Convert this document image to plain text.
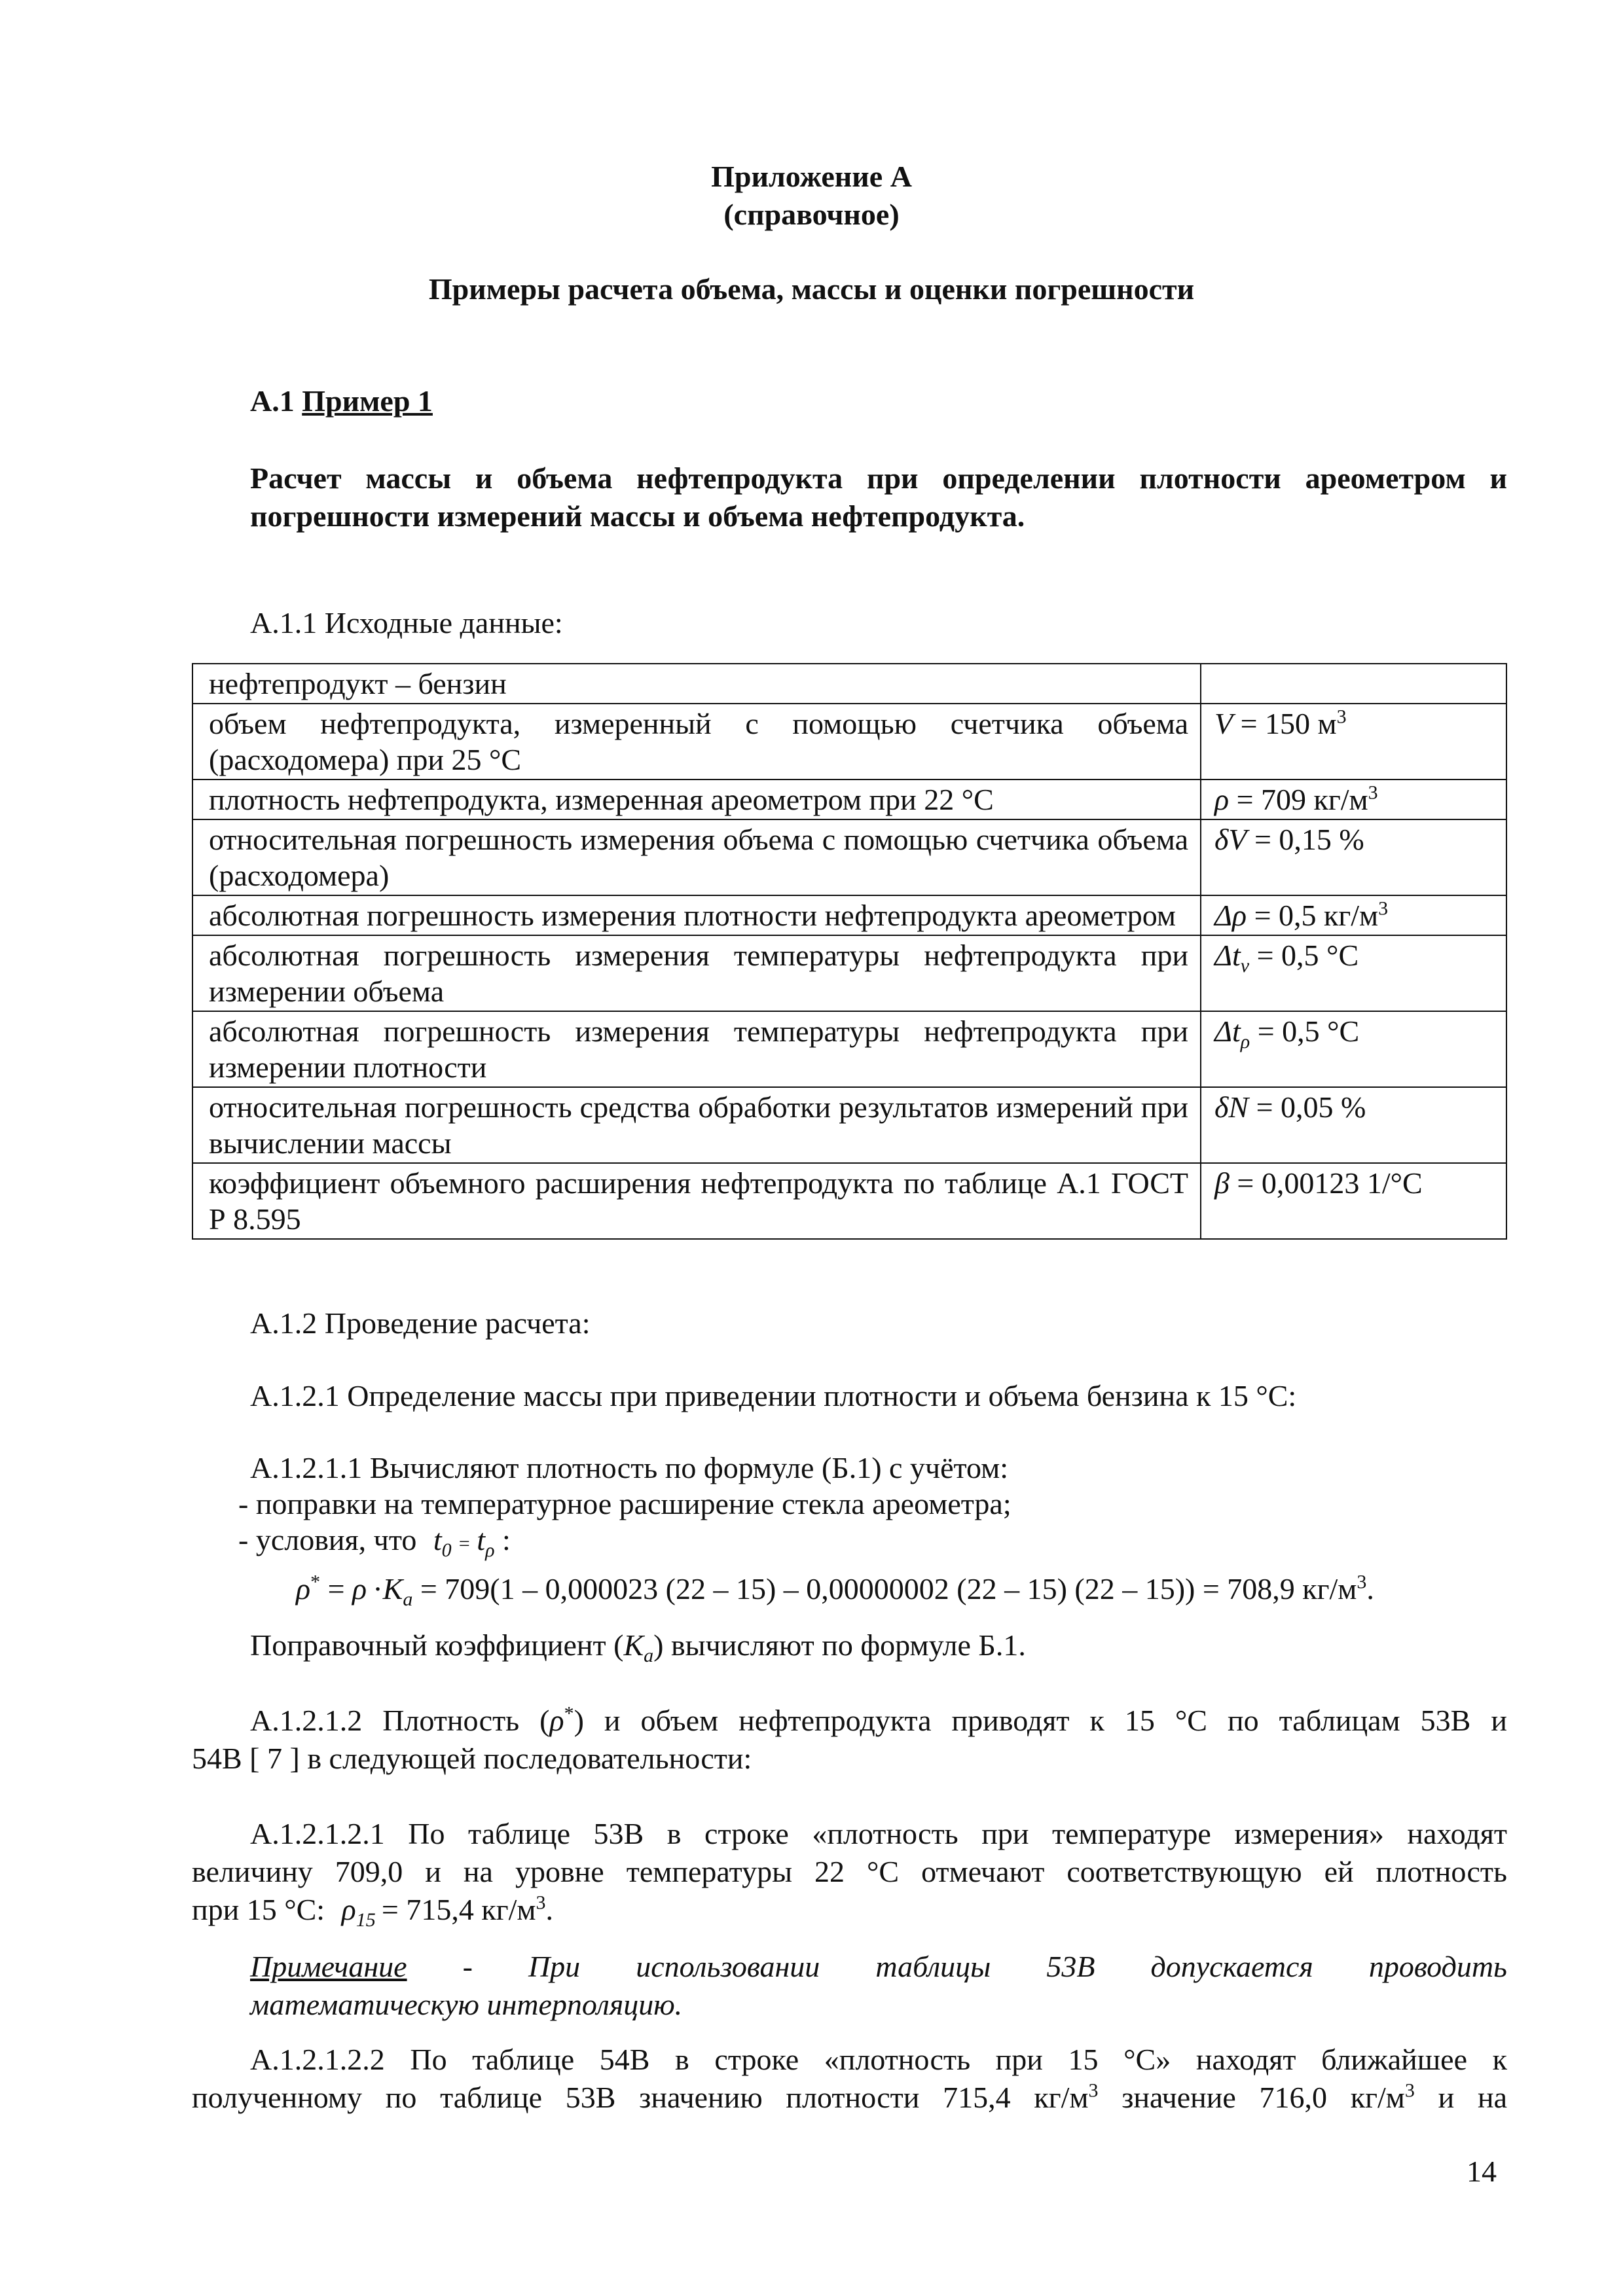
Приложение А
(справочное)
Примеры расчета объема, массы и оценки погрешности
А.1 Пример 1
Расчет массы и объема нефтепродукта при определении плотности ареометром и
погрешности измерений массы и объема нефтепродукта.
А.1.1 Исходные данные:
нефтепродукт – бензин	
объем нефтепродукта, измеренный с помощью счетчика объема (расходомера) при 25 °С	V = 150 $м^3$
плотность нефтепродукта, измеренная ареометром при 22 °С	ρ = 709 $кг/м^3$
относительная погрешность измерения объема с помощью счетчика объема (расходомера)	δV = 0,15 %
абсолютная погрешность измерения плотности нефтепродукта ареометром	Δρ = 0,5 $кг/м^3$
абсолютная погрешность измерения температуры нефтепродукта при измерении объема	$\Delta t_v = 0,5$ °С
абсолютная погрешность измерения температуры нефтепродукта при измерении плотности	$\Delta t_\rho = 0,5$ °С
относительная погрешность средства обработки результатов измерений при вычислении массы	δN = 0,05 %
коэффициент объемного расширения нефтепродукта по таблице А.1 ГОСТ Р 8.595	β = 0,00123 1/°С
А.1.2 Проведение расчета:
А.1.2.1 Определение массы при приведении плотности и объема бензина к 15 °С:
А.1.2.1.1 Вычисляют плотность по формуле (Б.1) с учётом:
- поправки на температурное расширение стекла ареометра;
- условия, что $t_0 = t_\rho$ :
$\rho^* = \rho \cdot K_a = 709(1 - 0,000023$ (22 – 15) – 0,00000002 (22 – 15) (22 – 15)) = 708,9 $кг/м^3$.
Поправочный коэффициент $(K_a)$ вычисляют по формуле Б.1.
А.1.2.1.2 Плотность (ρ*) и объем нефтепродукта приводят к 15 °С по таблицам 53В и
54В [ 7 ] в следующей последовательности:
А.1.2.1.2.1 По таблице 53В в строке «плотность при температуре измерения» находят
величину 709,0 и на уровне температуры 22 °С отмечают соответствующую ей плотность
при 15 °С: $\rho_{15} = 715,4$ $кг/м^3$.
Примечание - При использовании таблицы 53В допускается проводить
математическую интерполяцию.
А.1.2.1.2.2 По таблице 54В в строке «плотность при 15 °С» находят ближайшее к
полученному по таблице 53В значению плотности 715,4 $кг/м^3$ значение 716,0 $кг/м^3$ и на
14
